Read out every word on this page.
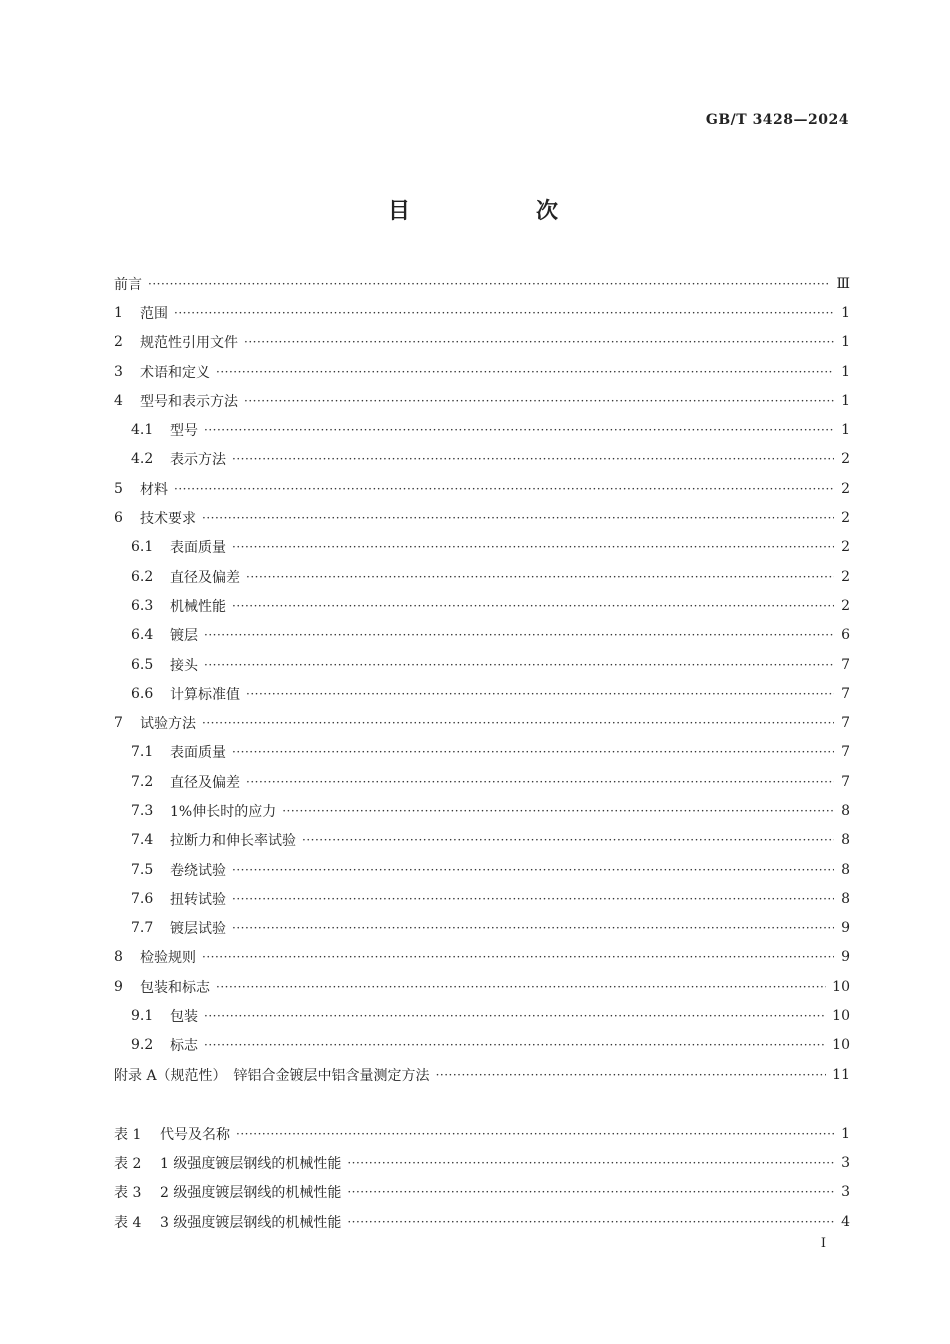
GB/T 3428—2024
目　次
前言 ·····	Ⅲ
1	范围 ·····	1
2	规范性引用文件 ·····	1
3	术语和定义 ·····	1
4	型号和表示方法 ·····	1
4.1	型号 ·····	1
4.2	表示方法 ·····	2
5	材料 ·····	2
6	技术要求 ·····	2
6.1	表面质量 ·····	2
6.2	直径及偏差 ·····	2
6.3	机械性能 ·····	2
6.4	镀层 ·····	6
6.5	接头 ·····	7
6.6	计算标准值 ·····	7
7	试验方法 ·····	7
7.1	表面质量 ·····	7
7.2	直径及偏差 ·····	7
7.3	1%伸长时的应力 ·····	8
7.4	拉断力和伸长率试验 ·····	8
7.5	卷绕试验 ·····	8
7.6	扭转试验 ·····	8
7.7	镀层试验 ·····	9
8	检验规则 ·····	9
9	包装和标志 ·····	10
9.1	包装 ·····	10
9.2	标志 ·····	10
附录 A（规范性）　锌铝合金镀层中铝含量测定方法 ·····	11
表 1	代号及名称 ·····	1
表 2	1 级强度镀层钢线的机械性能 ·····	3
表 3	2 级强度镀层钢线的机械性能 ·····	3
表 4	3 级强度镀层钢线的机械性能 ·····	4
I
